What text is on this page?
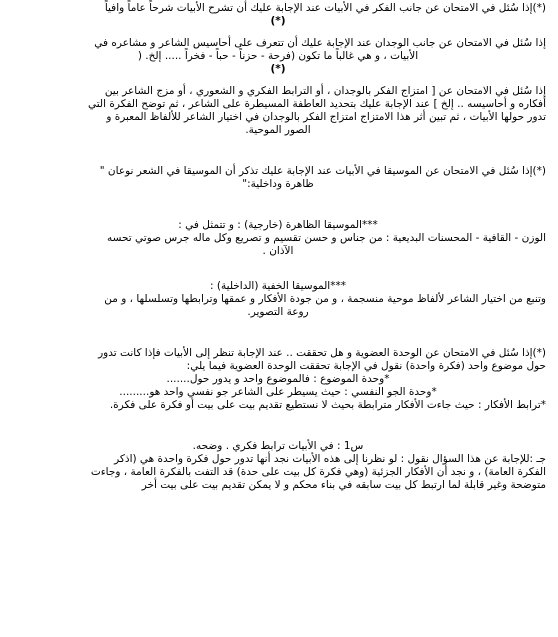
(*)إذا سُئل في الامتحان عن جانب الفكر في الأبيات عند الإجابة عليك أن تشرح الأبيات شرحاً عاماً وافياً
(*)

إذا سُئل في الامتحان عن جانب الوجدان عند الإجابة عليك أن تتعرف على أحاسيس الشاعر و مشاعره في
الأبيات ، و هي غالباً ما تكون (فرحة - حزناً - حباً - فخراً ..... إلخ. (
(*)

إذا سُئل في الامتحان عن [ امتزاج الفكر بالوجدان ، أو الترابط الفكري و الشعوري ، أو مزج الشاعر بين
أفكاره و أحاسيسه .. إلخ ] عند الإجابة عليك بتحديد العاطفة المسيطرة على الشاعر ، ثم توضح الفكرة التي
تدور حولها الأبيات ، ثم تبين أثر هذا الامتزاج امتزاج الفكر بالوجدان في اختيار الشاعر للألفاظ المعبرة و
الصور الموحية.

(*)إذا سُئل في الامتحان عن الموسيقا في الأبيات عند الإجابة عليك تذكر أن الموسيقا في الشعر نوعان "
ظاهرة وداخلية:"

***الموسيقا الظاهرة (خارجية) : و تتمثل في :
الوزن - القافية - المحسنات البديعية : من جناس و حسن تقسيم و تصريع وكل ماله جرس صوتي تحسه
الآذان .

***الموسيقا الخفية (الداخلية) :
وتنبع من اختيار الشاعر لألفاظ موحية منسجمة ، و من جودة الأفكار و عمقها وترابطها وتسلسلها ، و من
روعة التصوير.

(*)إذا سُئل في الامتحان عن الوحدة العضوية و هل تحققت .. عند الإجابة تنظر إلى الأبيات فإذا كانت تدور
حول موضوع واحد (فكرة واحدة) نقول في الإجابة تحققت الوحدة العضوية فيما يلي:
*وحدة الموضوع : فالموضوع واحد و يدور حول.......
*وحدة الجو النفسي : حيث يسيطر على الشاعر جو نفسي واحد هو.........
*ترابط الأفكار : حيث جاءت الأفكار مترابطة بحيث لا نستطيع تقديم بيت على بيت أو فكرة على فكرة.

س1 : في الأبيات ترابط فكري . وضحه.
جـ :للإجابة عن هذا السؤال نقول : لو نظرنا إلى هذه الأبيات نجد أنها تدور حول فكرة واحدة هي (اذكر
الفكرة العامة) ، و نجد أن الأفكار الجزئية (وهي فكرة كل بيت على حدة) قد التفت بالفكرة العامة ، وجاءت
متوضحة وغير قابلة لما ارتبط كل بيت سابقه في بناء محكم و لا يمكن تقديم بيت على بيت أخر
